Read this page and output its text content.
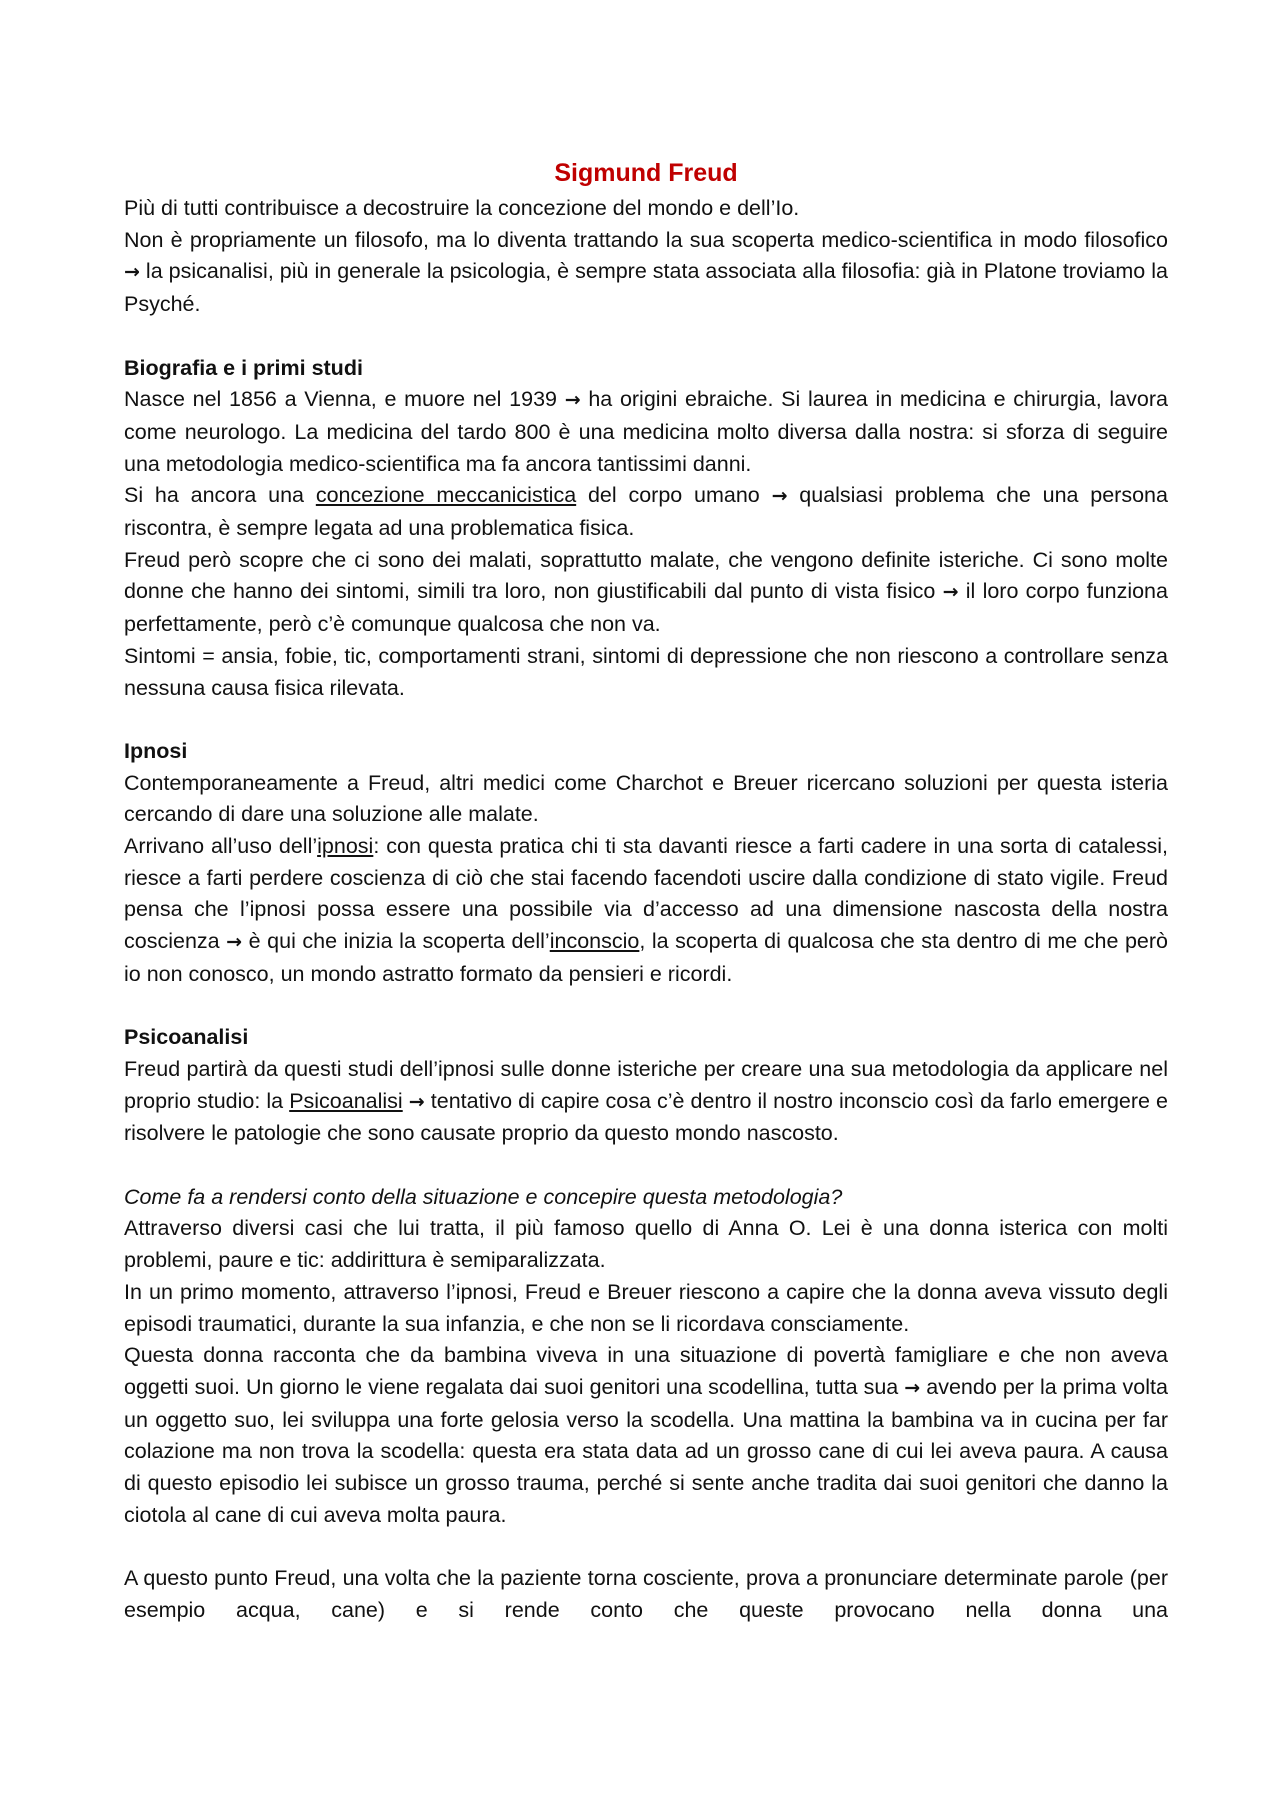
Sigmund Freud

Più di tutti contribuisce a decostruire la concezione del mondo e dell’Io.

Non è propriamente un filosofo, ma lo diventa trattando la sua scoperta medico-scientifica in modo filosofico → la psicanalisi, più in generale la psicologia, è sempre stata associata alla filosofia: già in Platone troviamo la Psyché.

Biografia e i primi studi

Nasce nel 1856 a Vienna, e muore nel 1939 → ha origini ebraiche. Si laurea in medicina e chirurgia, lavora come neurologo. La medicina del tardo 800 è una medicina molto diversa dalla nostra: si sforza di seguire una metodologia medico-scientifica ma fa ancora tantissimi danni.

Si ha ancora una concezione meccanicistica del corpo umano → qualsiasi problema che una persona riscontra, è sempre legata ad una problematica fisica.

Freud però scopre che ci sono dei malati, soprattutto malate, che vengono definite isteriche. Ci sono molte donne che hanno dei sintomi, simili tra loro, non giustificabili dal punto di vista fisico → il loro corpo funziona perfettamente, però c’è comunque qualcosa che non va.

Sintomi = ansia, fobie, tic, comportamenti strani, sintomi di depressione che non riescono a controllare senza nessuna causa fisica rilevata.

Ipnosi

Contemporaneamente a Freud, altri medici come Charchot e Breuer ricercano soluzioni per questa isteria cercando di dare una soluzione alle malate.

Arrivano all’uso dell’ipnosi: con questa pratica chi ti sta davanti riesce a farti cadere in una sorta di catalessi, riesce a farti perdere coscienza di ciò che stai facendo facendoti uscire dalla condizione di stato vigile. Freud pensa che l’ipnosi possa essere una possibile via d’accesso ad una dimensione nascosta della nostra coscienza → è qui che inizia la scoperta dell’inconscio, la scoperta di qualcosa che sta dentro di me che però io non conosco, un mondo astratto formato da pensieri e ricordi.

Psicoanalisi

Freud partirà da questi studi dell’ipnosi sulle donne isteriche per creare una sua metodologia da applicare nel proprio studio: la Psicoanalisi → tentativo di capire cosa c’è dentro il nostro inconscio così da farlo emergere e risolvere le patologie che sono causate proprio da questo mondo nascosto.

Come fa a rendersi conto della situazione e concepire questa metodologia?

Attraverso diversi casi che lui tratta, il più famoso quello di Anna O. Lei è una donna isterica con molti problemi, paure e tic: addirittura è semiparalizzata.

In un primo momento, attraverso l’ipnosi, Freud e Breuer riescono a capire che la donna aveva vissuto degli episodi traumatici, durante la sua infanzia, e che non se li ricordava consciamente.

Questa donna racconta che da bambina viveva in una situazione di povertà famigliare e che non aveva oggetti suoi. Un giorno le viene regalata dai suoi genitori una scodellina, tutta sua → avendo per la prima volta un oggetto suo, lei sviluppa una forte gelosia verso la scodella. Una mattina la bambina va in cucina per far colazione ma non trova la scodella: questa era stata data ad un grosso cane di cui lei aveva paura. A causa di questo episodio lei subisce un grosso trauma, perché si sente anche tradita dai suoi genitori che danno la ciotola al cane di cui aveva molta paura.

A questo punto Freud, una volta che la paziente torna cosciente, prova a pronunciare determinate parole (per esempio acqua, cane) e si rende conto che queste provocano nella donna una
